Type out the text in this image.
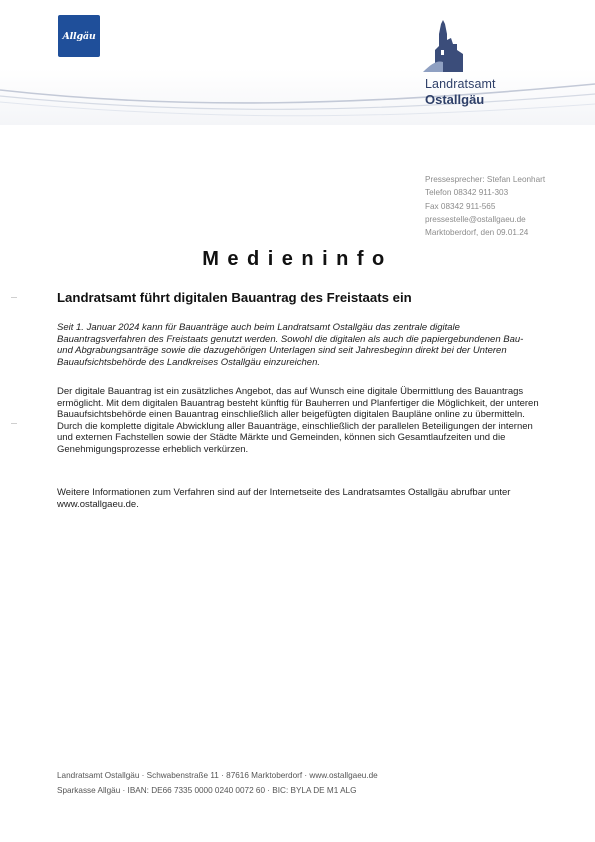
Allgäu
Landratsamt
Ostallgäu
Pressesprecher: Stefan Leonhart
Telefon 08342 911-303
Fax 08342 911-565
pressestelle@ostallgaeu.de
Marktoberdorf, den 09.01.24
Medieninfo
Landratsamt führt digitalen Bauantrag des Freistaats ein
Seit 1. Januar 2024 kann für Bauanträge auch beim Landratsamt Ostallgäu das zentrale digitale Bauantragsverfahren des Freistaats genutzt werden. Sowohl die digitalen als auch die papiergebundenen Bau- und Abgrabungsanträge sowie die dazugehörigen Unterlagen sind seit Jahresbeginn direkt bei der Unteren Bauaufsichtsbehörde des Landkreises Ostallgäu einzureichen.
Der digitale Bauantrag ist ein zusätzliches Angebot, das auf Wunsch eine digitale Übermittlung des Bauantrags ermöglicht. Mit dem digitalen Bauantrag besteht künftig für Bauherren und Planfertiger die Möglichkeit, der unteren Bauaufsichtsbehörde einen Bauantrag einschließlich aller beigefügten digitalen Baupläne online zu übermitteln. Durch die komplette digitale Abwicklung aller Bauanträge, einschließlich der parallelen Beteiligungen der internen und externen Fachstellen sowie der Städte Märkte und Gemeinden, können sich Gesamtlaufzeiten und die Genehmigungsprozesse erheblich verkürzen.
Weitere Informationen zum Verfahren sind auf der Internetseite des Landratsamtes Ostallgäu abrufbar unter www.ostallgaeu.de.
Landratsamt Ostallgäu · Schwabenstraße 11 · 87616 Marktoberdorf · www.ostallgaeu.de
Sparkasse Allgäu · IBAN: DE66 7335 0000 0240 0072 60 · BIC: BYLA DE M1 ALG
